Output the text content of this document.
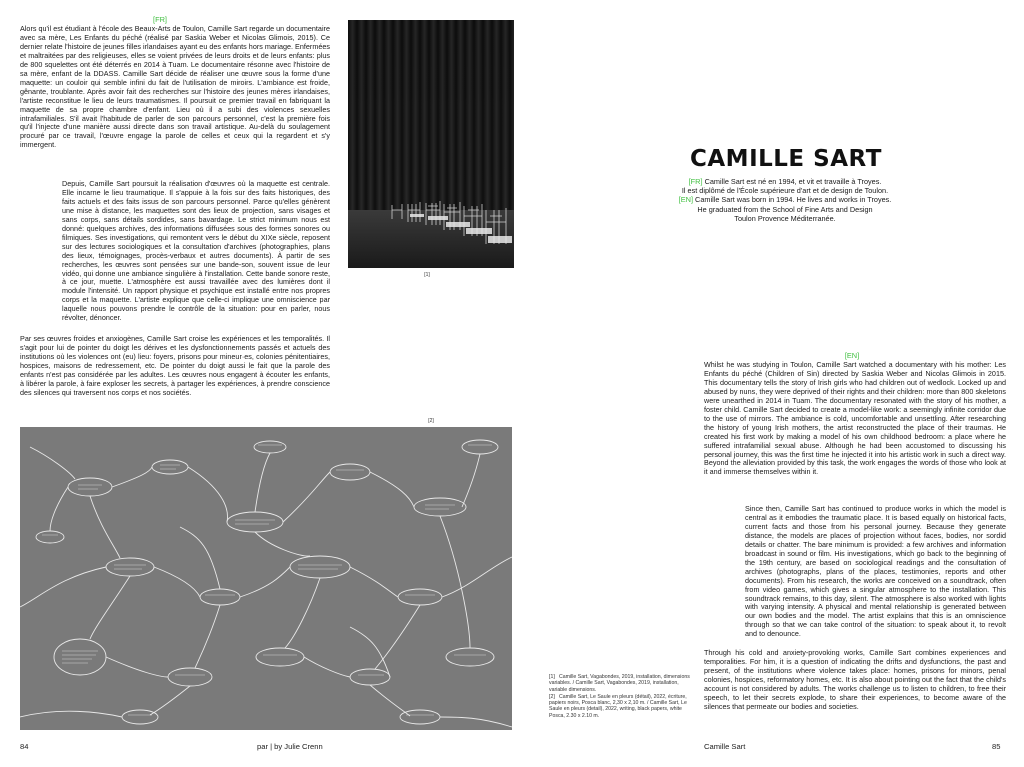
[FR]

Alors qu'il est étudiant à l'école des Beaux-Arts de Toulon, Camille Sart regarde un documentaire avec sa mère, Les Enfants du péché (réalisé par Saskia Weber et Nicolas Glimois, 2015). Ce dernier relate l'histoire de jeunes filles irlandaises ayant eu des enfants hors mariage. Enfermées et maltraitées par des religieuses, elles se voient privées de leurs droits et de leurs enfants: plus de 800 squelettes ont été déterrés en 2014 à Tuam. Le documentaire résonne avec l'histoire de sa mère, enfant de la DDASS. Camille Sart décide de réaliser une œuvre sous la forme d'une maquette: un couloir qui semble infini du fait de l'utilisation de miroirs. L'ambiance est froide, gênante, troublante. Après avoir fait des recherches sur l'histoire des jeunes mères irlandaises, l'artiste reconstitue le lieu de leurs traumatismes. Il poursuit ce premier travail en fabriquant la maquette de sa propre chambre d'enfant. Lieu où il a subi des violences sexuelles intrafamiliales. S'il avait l'habitude de parler de son parcours personnel, c'est la première fois qu'il l'injecte d'une manière aussi directe dans son travail artistique. Au-delà du soulagement procuré par ce travail, l'œuvre engage la parole de celles et ceux qui la regardent et s'y immergent.

Depuis, Camille Sart poursuit la réalisation d'œuvres où la maquette est centrale. Elle incarne le lieu traumatique. Il s'appuie à la fois sur des faits historiques, des faits actuels et des faits issus de son parcours personnel. Parce qu'elles génèrent une mise à distance, les maquettes sont des lieux de projection, sans visages et sans corps, sans détails sordides, sans bavardage. Le strict minimum nous est donné: quelques archives, des informations diffusées sous des formes sonores ou filmiques. Ses investigations, qui remontent vers le début du XIXe siècle, reposent sur des lectures sociologiques et la consultation d'archives (photographies, plans des lieux, témoignages, procès-verbaux et autres documents). À partir de ses recherches, les œuvres sont pensées sur une bande-son, souvent issue de leur vidéo, qui donne une ambiance singulière à l'installation. Cette bande sonore reste, à ce jour, muette. L'atmosphère est aussi travaillée avec des lumières dont il module l'intensité. Un rapport physique et psychique est installé entre nos propres corps et la maquette. L'artiste explique que celle-ci implique une omniscience par laquelle nous pouvons prendre le contrôle de la situation: pour en parler, nous révolter, dénoncer.

Par ses œuvres froides et anxiogènes, Camille Sart croise les expériences et les temporalités. Il s'agit pour lui de pointer du doigt les dérives et les dysfonctionnements passés et actuels des institutions où les violences ont (eu) lieu: foyers, prisons pour mineur·es, colonies pénitentiaires, hospices, maisons de redressement, etc. De pointer du doigt aussi le fait que la parole des enfants n'est pas considérée par les adultes. Les œuvres nous engagent à écouter les enfants, à libérer la parole, à faire exploser les secrets, à partager les expériences, à prendre conscience des silences qui traversent nos corps et nos sociétés.

[1]
[2]
[1] Camille Sart, Vagabondes, 2019, installation, dimensions variables. / Camille Sart, Vagabondes, 2019, installation, variable dimensions.
[2] Camille Sart, Le Saule en pleurs (détail), 2022, écriture, papiers noirs, Posca blanc, 2,30 x 2,10 m. / Camille Sart, Le Saule en pleurs (detail), 2022, writing, black papers, white Posca, 2.30 x 2.10 m.
84	par | by Julie Crenn
CAMILLE SART
[FR] Camille Sart est né en 1994, et vit et travaille à Troyes.
Il est diplômé de l'École supérieure d'art et de design de Toulon.
[EN] Camille Sart was born in 1994. He lives and works in Troyes.
He graduated from the School of Fine Arts and Design
Toulon Provence Méditerranée.
[EN]

Whilst he was studying in Toulon, Camille Sart watched a documentary with his mother: Les Enfants du péché (Children of Sin) directed by Saskia Weber and Nicolas Glimois in 2015. This documentary tells the story of Irish girls who had children out of wedlock. Locked up and abused by nuns, they were deprived of their rights and their children: more than 800 skeletons were unearthed in 2014 in Tuam. The documentary resonated with the story of his mother, a foster child. Camille Sart decided to create a model-like work: a seemingly infinite corridor due to the use of mirrors. The ambiance is cold, uncomfortable and unsettling. After researching the history of young Irish mothers, the artist reconstructed the place of their traumas. He created his first work by making a model of his own childhood bedroom: a place where he suffered intrafamilial sexual abuse. Although he had been accustomed to discussing his personal journey, this was the first time he injected it into his artistic work in such a direct way. Beyond the alleviation provided by this task, the work engages the words of those who look at it and immerse themselves within it.

Since then, Camille Sart has continued to produce works in which the model is central as it embodies the traumatic place. It is based equally on historical facts, current facts and those from his personal journey. Because they generate distance, the models are places of projection without faces, bodies, nor sordid details or chatter. The bare minimum is provided: a few archives and information broadcast in sound or film. His investigations, which go back to the beginning of the 19th century, are based on sociological readings and the consultation of archives (photographs, plans of the places, testimonies, reports and other documents). From his research, the works are conceived on a soundtrack, often from video games, which gives a singular atmosphere to the installation. This soundtrack remains, to this day, silent. The atmosphere is also worked with lights with varying intensity. A physical and mental relationship is generated between our own bodies and the model. The artist explains that this is an omniscience through so that we can take control of the situation: to speak about it, to revolt and to denounce.

Through his cold and anxiety-provoking works, Camille Sart combines experiences and temporalities. For him, it is a question of indicating the drifts and dysfunctions, the past and present, of the institutions where violence takes place: homes, prisons for minors, penal colonies, hospices, reformatory homes, etc. It is also about pointing out the fact that the child's account is not considered by adults. The works challenge us to listen to children, to free their speech, to let their secrets explode, to share their experiences, to become aware of the silences that permeate our bodies and societies.

Camille Sart	85
